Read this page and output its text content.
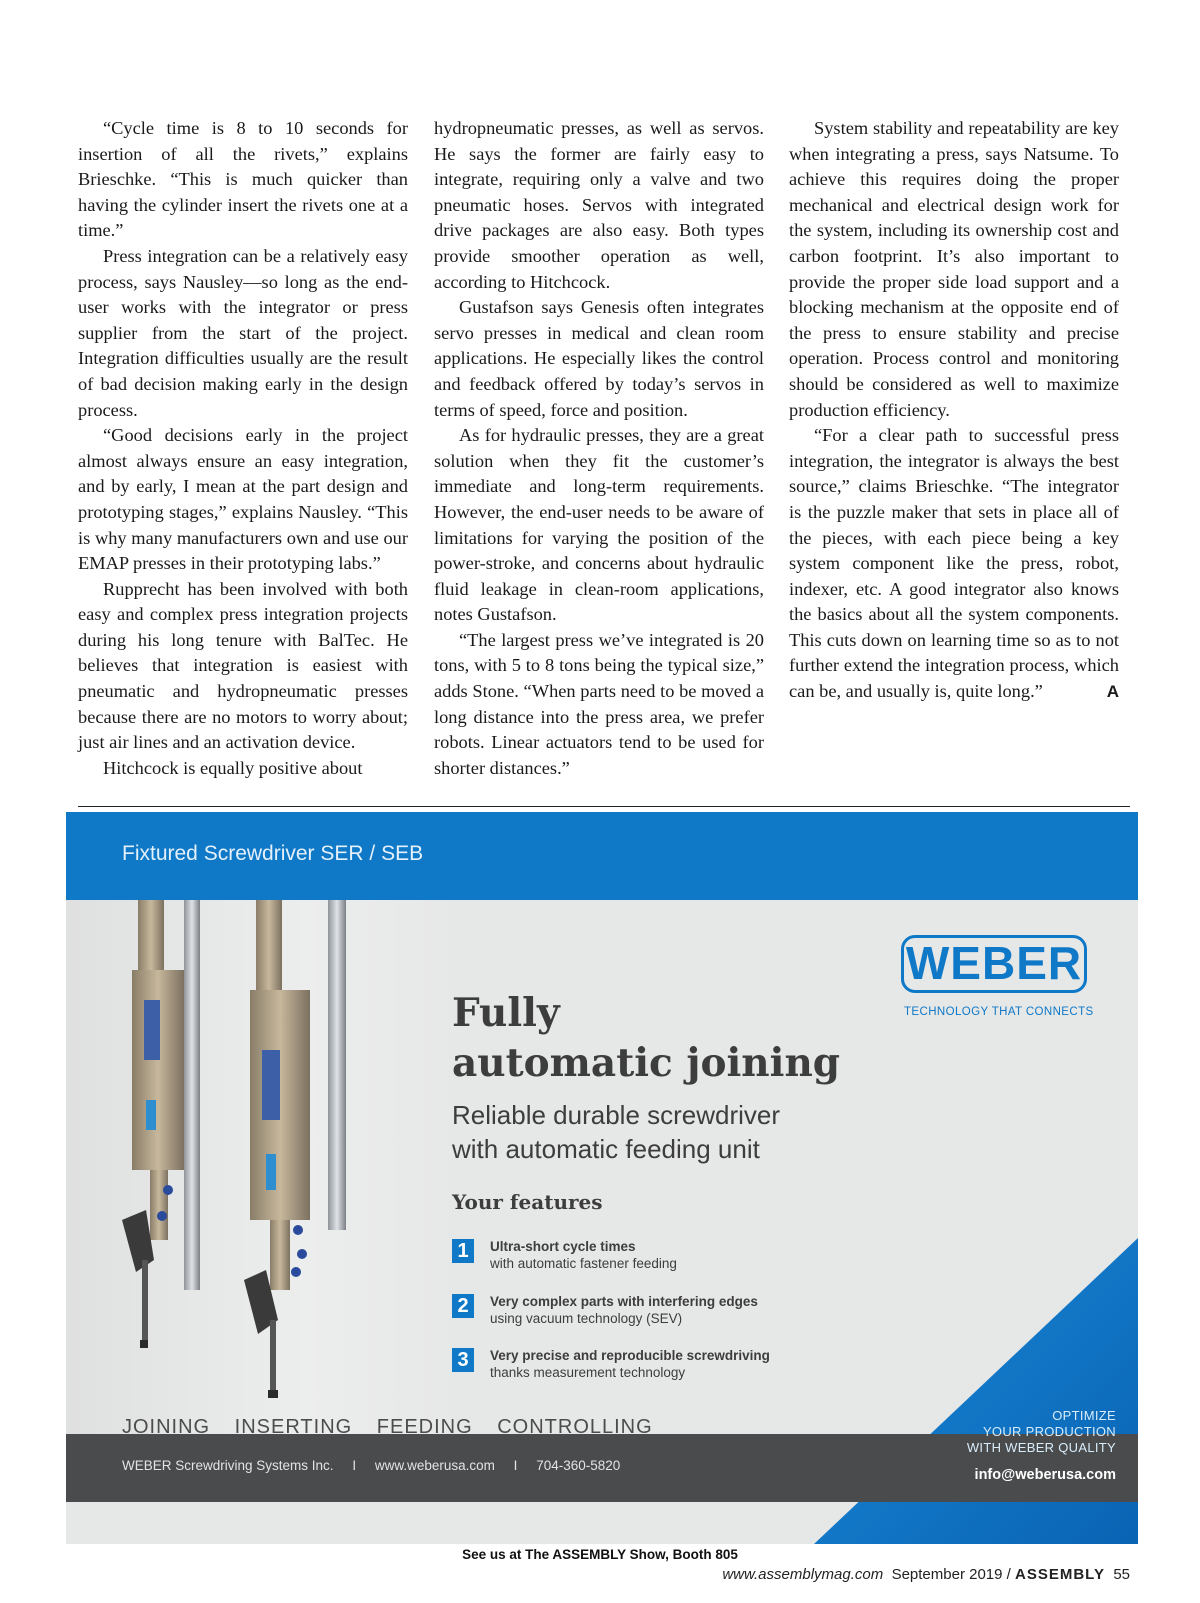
“Cycle time is 8 to 10 seconds for insertion of all the rivets,” explains Brieschke. “This is much quicker than having the cylinder insert the rivets one at a time.”

Press integration can be a relatively easy process, says Nausley—so long as the end-user works with the integrator or press supplier from the start of the project. Integration difficulties usually are the result of bad decision making early in the design process.

“Good decisions early in the project almost always ensure an easy integration, and by early, I mean at the part design and prototyping stages,” explains Nausley. “This is why many manufacturers own and use our EMAP presses in their prototyping labs.”

Rupprecht has been involved with both easy and complex press integration projects during his long tenure with BalTec. He believes that integration is easiest with pneumatic and hydropneumatic presses because there are no motors to worry about; just air lines and an activation device.

Hitchcock is equally positive about

hydropneumatic presses, as well as servos. He says the former are fairly easy to integrate, requiring only a valve and two pneumatic hoses. Servos with integrated drive packages are also easy. Both types provide smoother operation as well, according to Hitchcock.

Gustafson says Genesis often integrates servo presses in medical and clean room applications. He especially likes the control and feedback offered by today’s servos in terms of speed, force and position.

As for hydraulic presses, they are a great solution when they fit the customer’s immediate and long-term requirements. However, the end-user needs to be aware of limitations for varying the position of the power-stroke, and concerns about hydraulic fluid leakage in clean-room applications, notes Gustafson.

“The largest press we’ve integrated is 20 tons, with 5 to 8 tons being the typical size,” adds Stone. “When parts need to be moved a long distance into the press area, we prefer robots. Linear actuators tend to be used for shorter distances.”

System stability and repeatability are key when integrating a press, says Natsume. To achieve this requires doing the proper mechanical and electrical design work for the system, including its ownership cost and carbon footprint. It’s also important to provide the proper side load support and a blocking mechanism at the opposite end of the press to ensure stability and precise operation. Process control and monitoring should be considered as well to maximize production efficiency.

“For a clear path to successful press integration, the integrator is always the best source,” claims Brieschke. “The integrator is the puzzle maker that sets in place all of the pieces, with each piece being a key system component like the press, robot, indexer, etc. A good integrator also knows the basics about all the system components. This cuts down on learning time so as to not further extend the integration process, which can be, and usually is, quite long.”	A

Fixtured Screwdriver SER / SEB
WEBER
TECHNOLOGY THAT CONNECTS
Fully
automatic joining
Reliable durable screwdriver
with automatic feeding unit
Your features
1	Ultra-short cycle times
with automatic fastener feeding
2	Very complex parts with interfering edges
using vacuum technology (SEV)
3	Very precise and reproducible screwdriving
thanks measurement technology
JOINING INSERTING FEEDING CONTROLLING
WEBER Screwdriving Systems Inc. I www.weberusa.com I 704-360-5820
OPTIMIZE
YOUR PRODUCTION
WITH WEBER QUALITY
info@weberusa.com
See us at The ASSEMBLY Show, Booth 805
www.assemblymag.com September 2019 / ASSEMBLY 55
